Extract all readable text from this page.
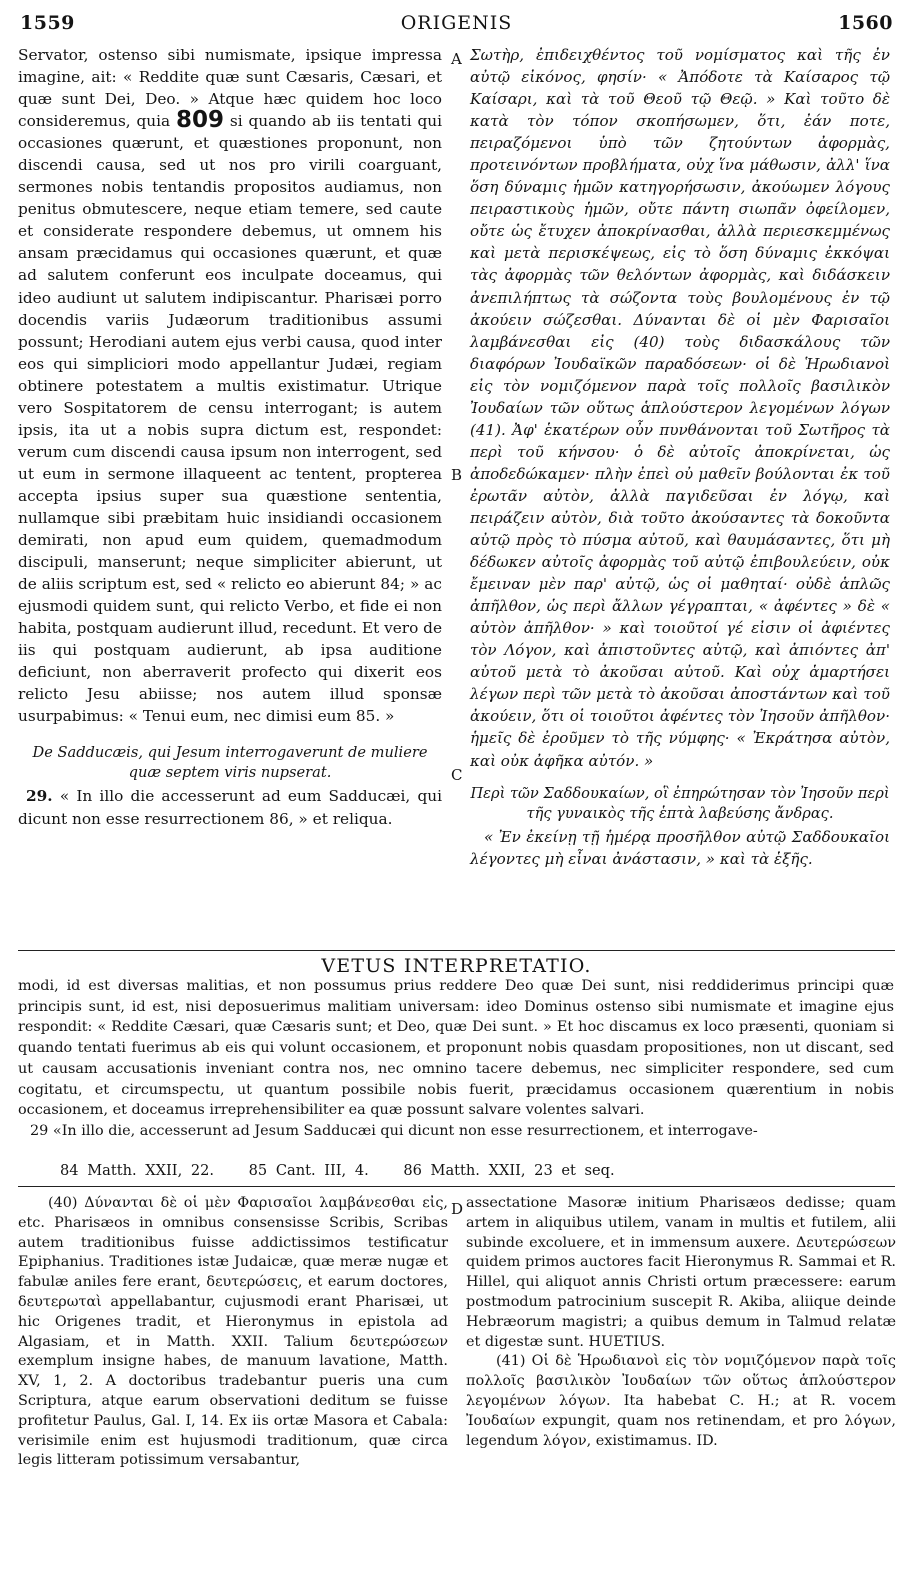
1559	ORIGENIS	1560
A
B
C
D

Servator, ostenso sibi numismate, ipsique impressa imagine, ait: « Reddite quæ sunt Cæsaris, Cæsari, et quæ sunt Dei, Deo. » Atque hæc quidem hoc loco consideremus, quia 809 si quando ab iis tentati qui occasiones quærunt, et quæstiones proponunt, non discendi causa, sed ut nos pro virili coarguant, sermones nobis tentandis propositos audiamus, non penitus obmutescere, neque etiam temere, sed caute et considerate respondere debemus, ut omnem his ansam præcidamus qui occasiones quærunt, et quæ ad salutem conferunt eos inculpate doceamus, qui ideo audiunt ut salutem indipiscantur. Pharisæi porro docendis variis Judæorum traditionibus assumi possunt; Herodiani autem ejus verbi causa, quod inter eos qui simpliciori modo appellantur Judæi, regiam obtinere potestatem a multis existimatur. Utrique vero Sospitatorem de censu interrogant; is autem ipsis, ita ut a nobis supra dictum est, respondet: verum cum discendi causa ipsum non interrogent, sed ut eum in sermone illaqueent ac tentent, propterea accepta ipsius super sua quæstione sententia, nullamque sibi præbitam huic insidiandi occasionem demirati, non apud eum quidem, quemadmodum discipuli, manserunt; neque simpliciter abierunt, ut de aliis scriptum est, sed « relicto eo abierunt 84; » ac ejusmodi quidem sunt, qui relicto Verbo, et fide ei non habita, postquam audierunt illud, recedunt. Et vero de iis qui postquam audierunt, ab ipsa auditione deficiunt, non aberraverit profecto qui dixerit eos relicto Jesu abiisse; nos autem illud sponsæ usurpabimus: « Tenui eum, nec dimisi eum 85. »

De Sadducæis, qui Jesum interrogaverunt de muliere quæ septem viris nupserat.

29. « In illo die accesserunt ad eum Sadducæi, qui dicunt non esse resurrectionem 86, » et reliqua.

Σωτὴρ, ἐπιδειχθέντος τοῦ νομίσματος καὶ τῆς ἐν αὐτῷ εἰκόνος, φησίν· « Ἀπόδοτε τὰ Καίσαρος τῷ Καίσαρι, καὶ τὰ τοῦ Θεοῦ τῷ Θεῷ. » Καὶ τοῦτο δὲ κατὰ τὸν τόπον σκοπήσωμεν, ὅτι, ἐάν ποτε, πειραζόμενοι ὑπὸ τῶν ζητούντων ἀφορμὰς, προτεινόντων προβλήματα, οὐχ ἵνα μάθωσιν, ἀλλ' ἵνα ὅση δύναμις ἡμῶν κατηγορήσωσιν, ἀκούωμεν λόγους πειραστικοὺς ἡμῶν, οὔτε πάντη σιωπᾶν ὀφείλομεν, οὔτε ὡς ἔτυχεν ἀποκρίνασθαι, ἀλλὰ περιεσκεμμένως καὶ μετὰ περισκέψεως, εἰς τὸ ὅση δύναμις ἐκκόψαι τὰς ἀφορμὰς τῶν θελόντων ἀφορμὰς, καὶ διδάσκειν ἀνεπιλήπτως τὰ σώζοντα τοὺς βουλομένους ἐν τῷ ἀκούειν σώζεσθαι. Δύνανται δὲ οἱ μὲν Φαρισαῖοι λαμβάνεσθαι εἰς (40) τοὺς διδασκάλους τῶν διαφόρων Ἰουδαϊκῶν παραδόσεων· οἱ δὲ Ἡρωδιανοὶ εἰς τὸν νομιζόμενον παρὰ τοῖς πολλοῖς βασιλικὸν Ἰουδαίων τῶν οὕτως ἁπλούστερον λεγομένων λόγων (41). Ἀφ' ἑκατέρων οὖν πυνθάνονται τοῦ Σωτῆρος τὰ περὶ τοῦ κήνσου· ὁ δὲ αὐτοῖς ἀποκρίνεται, ὡς ἀποδεδώκαμεν· πλὴν ἐπεὶ οὐ μαθεῖν βούλονται ἐκ τοῦ ἐρωτᾶν αὐτὸν, ἀλλὰ παγιδεῦσαι ἐν λόγῳ, καὶ πειράζειν αὐτὸν, διὰ τοῦτο ἀκούσαντες τὰ δοκοῦντα αὐτῷ πρὸς τὸ πύσμα αὐτοῦ, καὶ θαυμάσαντες, ὅτι μὴ δέδωκεν αὐτοῖς ἀφορμὰς τοῦ αὐτῷ ἐπιβουλεύειν, οὐκ ἔμειναν μὲν παρ' αὐτῷ, ὡς οἱ μαθηταί· οὐδὲ ἁπλῶς ἀπῆλθον, ὡς περὶ ἄλλων γέγραπται, « ἀφέντες » δὲ « αὐτὸν ἀπῆλθον· » καὶ τοιοῦτοί γέ εἰσιν οἱ ἀφιέντες τὸν Λόγον, καὶ ἀπιστοῦντες αὐτῷ, καὶ ἀπιόντες ἀπ' αὐτοῦ μετὰ τὸ ἀκοῦσαι αὐτοῦ. Καὶ οὐχ ἁμαρτήσει λέγων περὶ τῶν μετὰ τὸ ἀκοῦσαι ἀποστάντων καὶ τοῦ ἀκούειν, ὅτι οἱ τοιοῦτοι ἀφέντες τὸν Ἰησοῦν ἀπῆλθον· ἡμεῖς δὲ ἐροῦμεν τὸ τῆς νύμφης· « Ἐκράτησα αὐτὸν, καὶ οὐκ ἀφῆκα αὐτόν. »

Περὶ τῶν Σαδδουκαίων, οἳ ἐπηρώτησαν τὸν Ἰησοῦν περὶ τῆς γυναικὸς τῆς ἑπτὰ λαβεύσης ἄνδρας.

« Ἐν ἐκείνῃ τῇ ἡμέρᾳ προσῆλθον αὐτῷ Σαδδουκαῖοι λέγοντες μὴ εἶναι ἀνάστασιν, » καὶ τὰ ἑξῆς.

VETUS INTERPRETATIO.

modi, id est diversas malitias, et non possumus prius reddere Deo quæ Dei sunt, nisi reddiderimus principi quæ principis sunt, id est, nisi deposuerimus malitiam universam: ideo Dominus ostenso sibi numismate et imagine ejus respondit: « Reddite Cæsari, quæ Cæsaris sunt; et Deo, quæ Dei sunt. » Et hoc discamus ex loco præsenti, quoniam si quando tentati fuerimus ab eis qui volunt occasionem, et proponunt nobis quasdam propositiones, non ut discant, sed ut causam accusationis inveniant contra nos, nec omnino tacere debemus, nec simpliciter respondere, sed cum cogitatu, et circumspectu, ut quantum possibile nobis fuerit, præcidamus occasionem quærentium in nobis occasionem, et doceamus irreprehensibiliter ea quæ possunt salvare volentes salvari.

29 «In illo die, accesserunt ad Jesum Sadducæi qui dicunt non esse resurrectionem, et interrogave-

84 Matth. XXII, 22. 85 Cant. III, 4. 86 Matth. XXII, 23 et seq.

(40) Δύνανται δὲ οἱ μὲν Φαρισαῖοι λαμβάνεσθαι εἰς, etc. Pharisæos in omnibus consensisse Scribis, Scribas autem traditionibus fuisse addictissimos testificatur Epiphanius. Traditiones istæ Judaicæ, quæ meræ nugæ et fabulæ aniles fere erant, δευτερώσεις, et earum doctores, δευτερωταὶ appellabantur, cujusmodi erant Pharisæi, ut hic Origenes tradit, et Hieronymus in epistola ad Algasiam, et in Matth. XXII. Talium δευτερώσεων exemplum insigne habes, de manuum lavatione, Matth. XV, 1, 2. A doctoribus tradebantur pueris una cum Scriptura, atque earum observationi deditum se fuisse profitetur Paulus, Gal. I, 14. Ex iis ortæ Masora et Cabala: verisimile enim est hujusmodi traditionum, quæ circa legis litteram potissimum versabantur,

assectatione Masoræ initium Pharisæos dedisse; quam artem in aliquibus utilem, vanam in multis et futilem, alii subinde excoluere, et in immensum auxere. Δευτερώσεων quidem primos auctores facit Hieronymus R. Sammai et R. Hillel, qui aliquot annis Christi ortum præcessere: earum postmodum patrocinium suscepit R. Akiba, aliique deinde Hebræorum magistri; a quibus demum in Talmud relatæ et digestæ sunt. HUETIUS.

(41) Οἱ δὲ Ἡρωδιανοὶ εἰς τὸν νομιζόμενον παρὰ τοῖς πολλοῖς βασιλικὸν Ἰουδαίων τῶν οὕτως ἁπλούστερον λεγομένων λόγων. Ita habebat C. H.; at R. vocem Ἰουδαίων expungit, quam nos retinendam, et pro λόγων, legendum λόγον, existimamus. ID.
